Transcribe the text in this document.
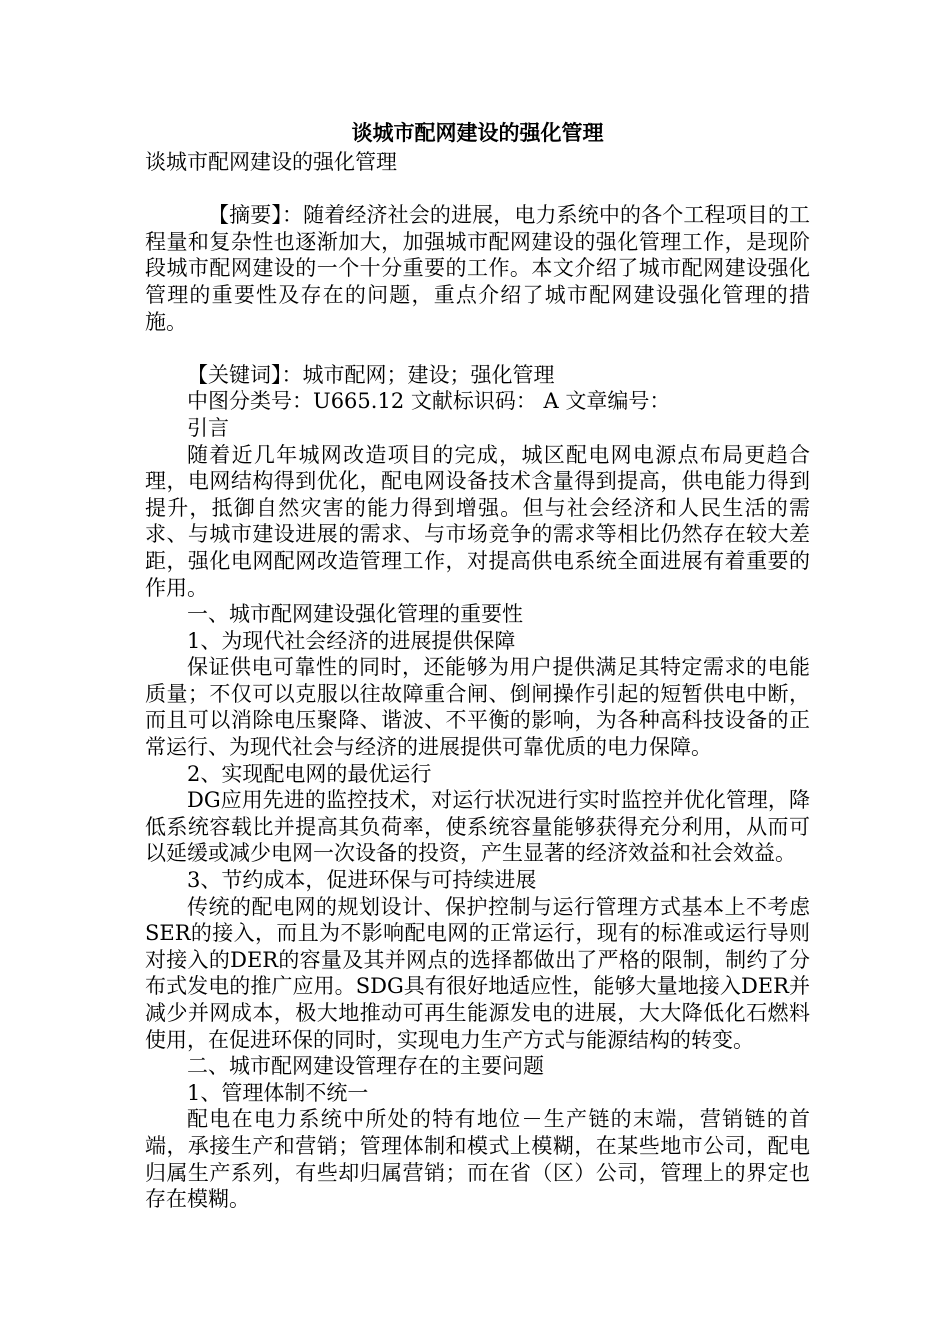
谈城市配网建设的强化管理

谈城市配网建设的强化管理

【摘要】：随着经济社会的进展，电力系统中的各个工程项目的工程量和复杂性也逐渐加大，加强城市配网建设的强化管理工作，是现阶段城市配网建设的一个十分重要的工作。本文介绍了城市配网建设强化管理的重要性及存在的问题，重点介绍了城市配网建设强化管理的措施。

【关键词】：城市配网；建设；强化管理

中图分类号：U665.12 文献标识码： A 文章编号：

引言

随着近几年城网改造项目的完成，城区配电网电源点布局更趋合理，电网结构得到优化，配电网设备技术含量得到提高，供电能力得到提升，抵御自然灾害的能力得到增强。但与社会经济和人民生活的需求、与城市建设进展的需求、与市场竞争的需求等相比仍然存在较大差距，强化电网配网改造管理工作，对提高供电系统全面进展有着重要的作用。

一、城市配网建设强化管理的重要性

1、为现代社会经济的进展提供保障

保证供电可靠性的同时，还能够为用户提供满足其特定需求的电能质量；不仅可以克服以往故障重合闸、倒闸操作引起的短暂供电中断，而且可以消除电压聚降、谐波、不平衡的影响，为各种高科技设备的正常运行、为现代社会与经济的进展提供可靠优质的电力保障。

2、实现配电网的最优运行

DG应用先进的监控技术，对运行状况进行实时监控并优化管理，降低系统容载比并提高其负荷率，使系统容量能够获得充分利用，从而可以延缓或减少电网一次设备的投资，产生显著的经济效益和社会效益。

3、节约成本，促进环保与可持续进展

传统的配电网的规划设计、保护控制与运行管理方式基本上不考虑SER的接入，而且为不影响配电网的正常运行，现有的标准或运行导则对接入的DER的容量及其并网点的选择都做出了严格的限制，制约了分布式发电的推广应用。SDG具有很好地适应性，能够大量地接入DER并减少并网成本，极大地推动可再生能源发电的进展，大大降低化石燃料使用，在促进环保的同时，实现电力生产方式与能源结构的转变。

二、城市配网建设管理存在的主要问题

1、管理体制不统一

配电在电力系统中所处的特有地位－生产链的末端，营销链的首端，承接生产和营销；管理体制和模式上模糊，在某些地市公司，配电归属生产系列，有些却归属营销；而在省（区）公司，管理上的界定也存在模糊。
